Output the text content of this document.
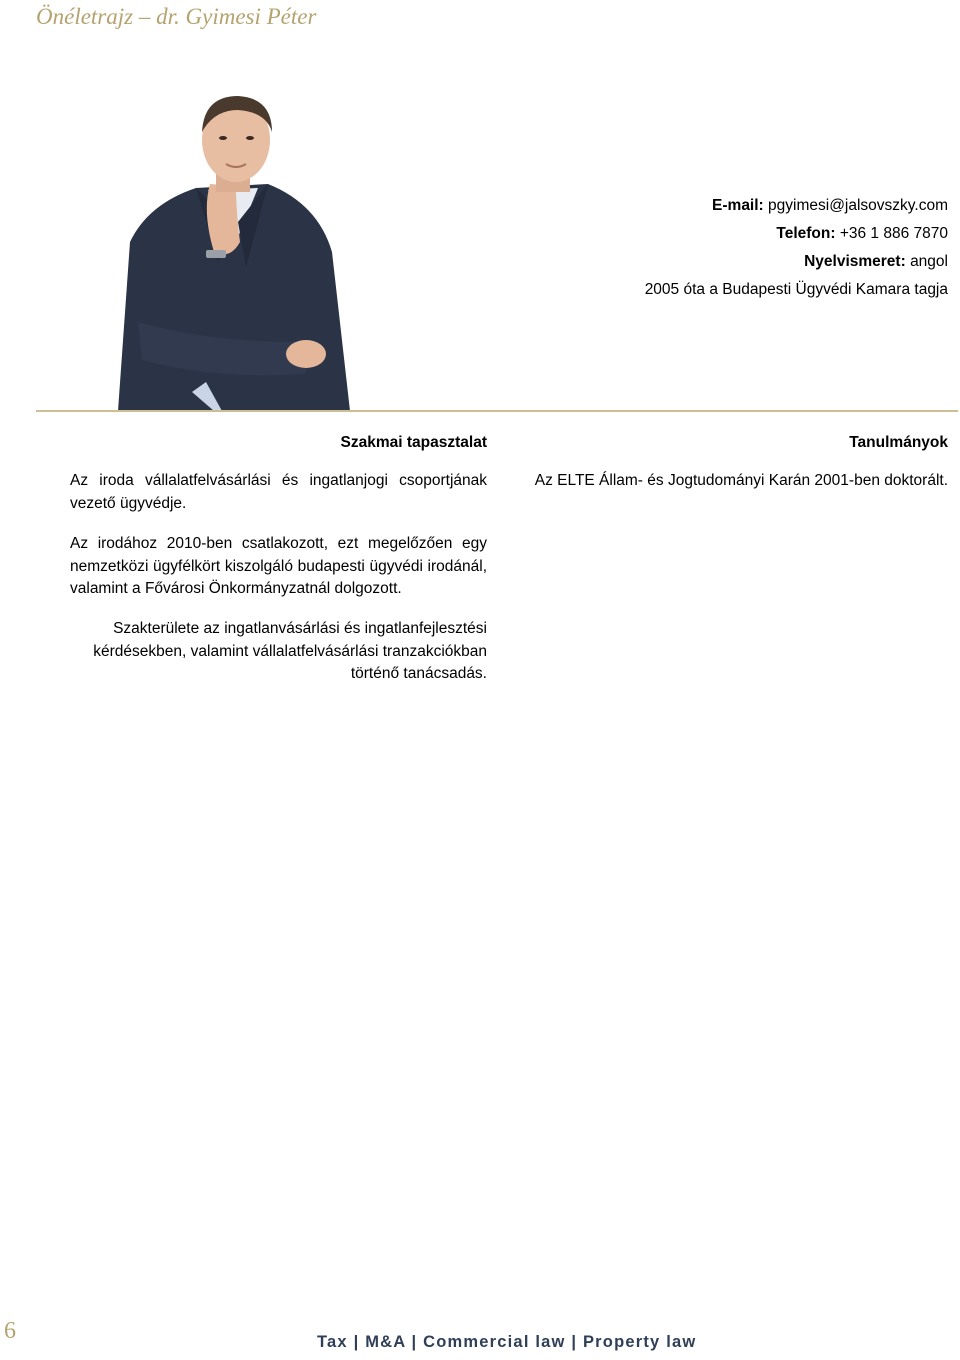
Önéletrajz – dr. Gyimesi Péter
E-mail: pgyimesi@jalsovszky.com
Telefon: +36 1 886 7870
Nyelvismeret: angol
2005 óta a Budapesti Ügyvédi Kamara tagja
Szakmai tapasztalat	Tanulmányok
Az iroda vállalatfelvásárlási és ingatlanjogi csoportjának vezető ügyvédje.
Az irodához 2010-ben csatlakozott, ezt megelőzően egy nemzetközi ügyfélkört kiszolgáló budapesti ügyvédi irodánál, valamint a Fővárosi Önkormányzatnál dolgozott.
Szakterülete az ingatlanvásárlási és ingatlanfejlesztési kérdésekben, valamint vállalatfelvásárlási tranzakciókban történő tanácsadás.
Az ELTE Állam- és Jogtudományi Karán 2001-ben doktorált.
6	Tax | M&A | Commercial law | Property law
